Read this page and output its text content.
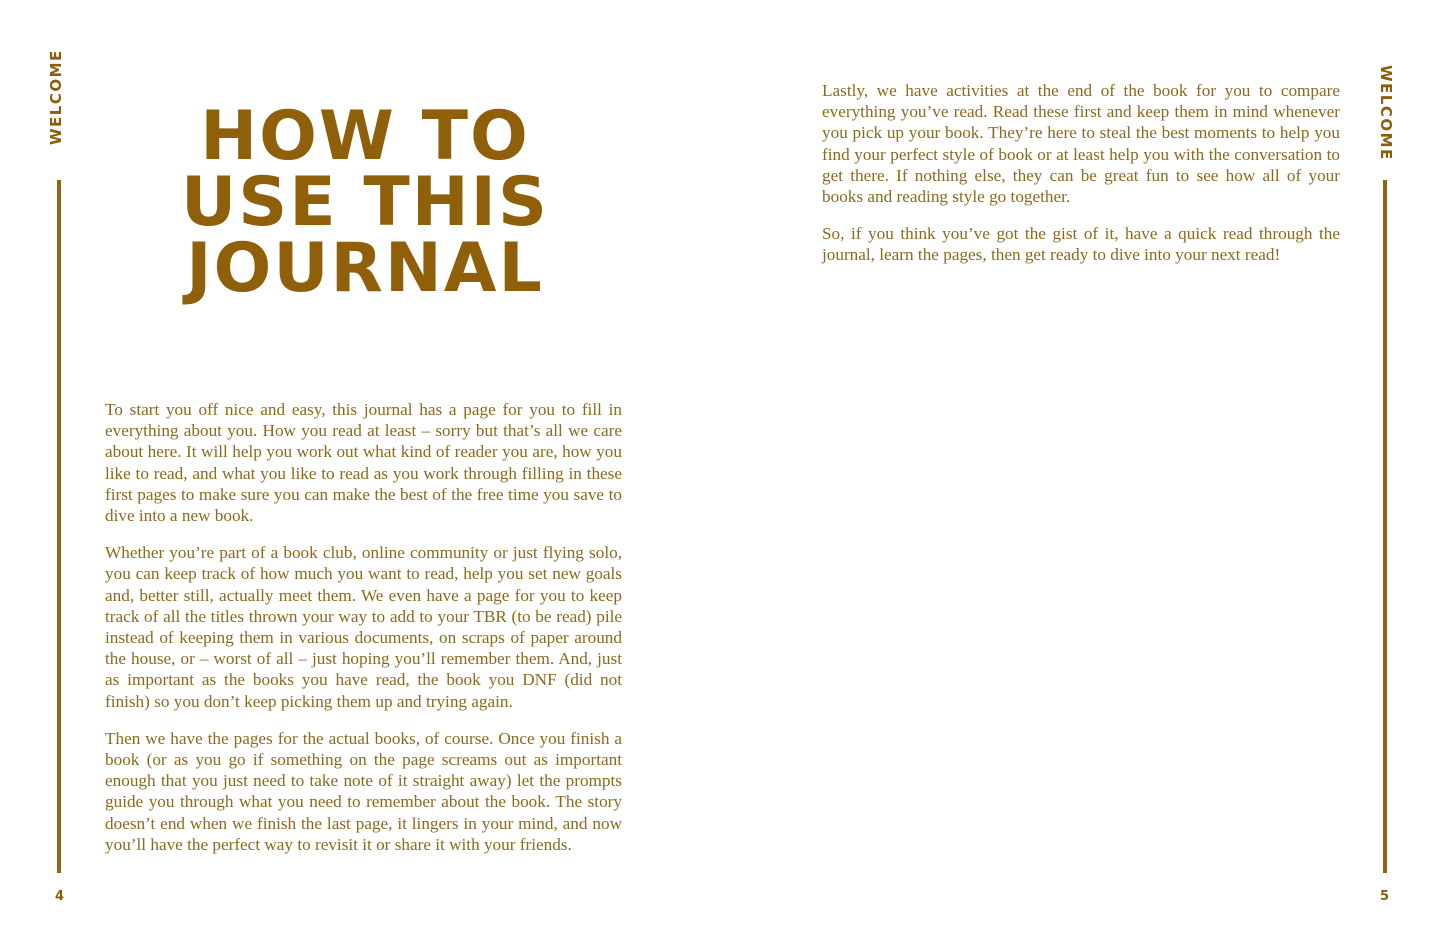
WELCOME
4
HOW TO
USE THIS
JOURNAL

To start you off nice and easy, this journal has a page for you to fill in everything about you. How you read at least – sorry but that’s all we care about here. It will help you work out what kind of reader you are, how you like to read, and what you like to read as you work through filling in these first pages to make sure you can make the best of the free time you save to dive into a new book.

Whether you’re part of a book club, online community or just flying solo, you can keep track of how much you want to read, help you set new goals and, better still, actually meet them. We even have a page for you to keep track of all the titles thrown your way to add to your TBR (to be read) pile instead of keeping them in various documents, on scraps of paper around the house, or – worst of all – just hoping you’ll remember them. And, just as important as the books you have read, the book you DNF (did not finish) so you don’t keep picking them up and trying again.

Then we have the pages for the actual books, of course. Once you finish a book (or as you go if something on the page screams out as important enough that you just need to take note of it straight away) let the prompts guide you through what you need to remember about the book. The story doesn’t end when we finish the last page, it lingers in your mind, and now you’ll have the perfect way to revisit it or share it with your friends.

WELCOME
5

Lastly, we have activities at the end of the book for you to compare everything you’ve read. Read these first and keep them in mind whenever you pick up your book. They’re here to steal the best moments to help you find your perfect style of book or at least help you with the conversation to get there. If nothing else, they can be great fun to see how all of your books and reading style go together.

So, if you think you’ve got the gist of it, have a quick read through the journal, learn the pages, then get ready to dive into your next read!
